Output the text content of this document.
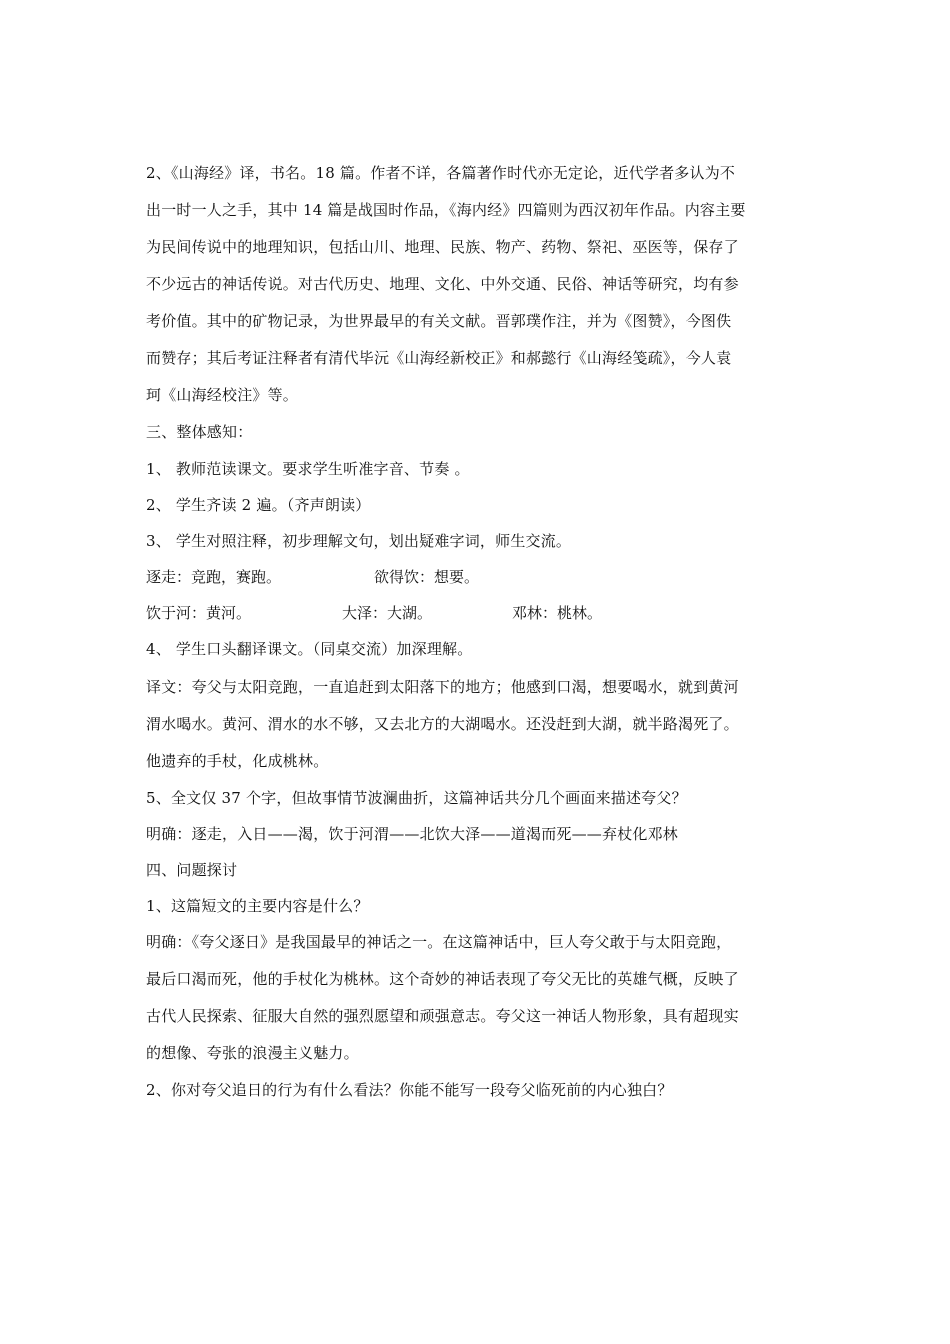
2、《山海经》译，书名。18 篇。作者不详，各篇著作时代亦无定论，近代学者多认为不
出一时一人之手，其中 14 篇是战国时作品，《海内经》四篇则为西汉初年作品。内容主要
为民间传说中的地理知识，包括山川、地理、民族、物产、药物、祭祀、巫医等，保存了
不少远古的神话传说。对古代历史、地理、文化、中外交通、民俗、神话等研究，均有参
考价值。其中的矿物记录，为世界最早的有关文献。晋郭璞作注，并为《图赞》，今图佚
而赞存；其后考证注释者有清代毕沅《山海经新校正》和郝懿行《山海经笺疏》，今人袁
珂《山海经校注》等。
三、整体感知：
1、 教师范读课文。要求学生听准字音、节奏 。
2、 学生齐读 2 遍。（齐声朗读）
3、 学生对照注释，初步理解文句，划出疑难字词，师生交流。
逐走：竞跑，赛跑。	欲得饮：想要。
饮于河：黄河。	大泽：大湖。	邓林：桃林。
4、 学生口头翻译课文。（同桌交流）加深理解。
译文：夸父与太阳竞跑，一直追赶到太阳落下的地方；他感到口渴，想要喝水，就到黄河
渭水喝水。黄河、渭水的水不够，又去北方的大湖喝水。还没赶到大湖，就半路渴死了。
他遗弃的手杖，化成桃林。
5、全文仅 37 个字，但故事情节波澜曲折，这篇神话共分几个画面来描述夸父？
明确：逐走，入日——渴，饮于河渭——北饮大泽——道渴而死——弃杖化邓林
四、问题探讨
1、这篇短文的主要内容是什么？
明确：《夸父逐日》是我国最早的神话之一。在这篇神话中，巨人夸父敢于与太阳竞跑，
最后口渴而死，他的手杖化为桃林。这个奇妙的神话表现了夸父无比的英雄气概，反映了
古代人民探索、征服大自然的强烈愿望和顽强意志。夸父这一神话人物形象，具有超现实
的想像、夸张的浪漫主义魅力。
2、你对夸父追日的行为有什么看法？你能不能写一段夸父临死前的内心独白？
